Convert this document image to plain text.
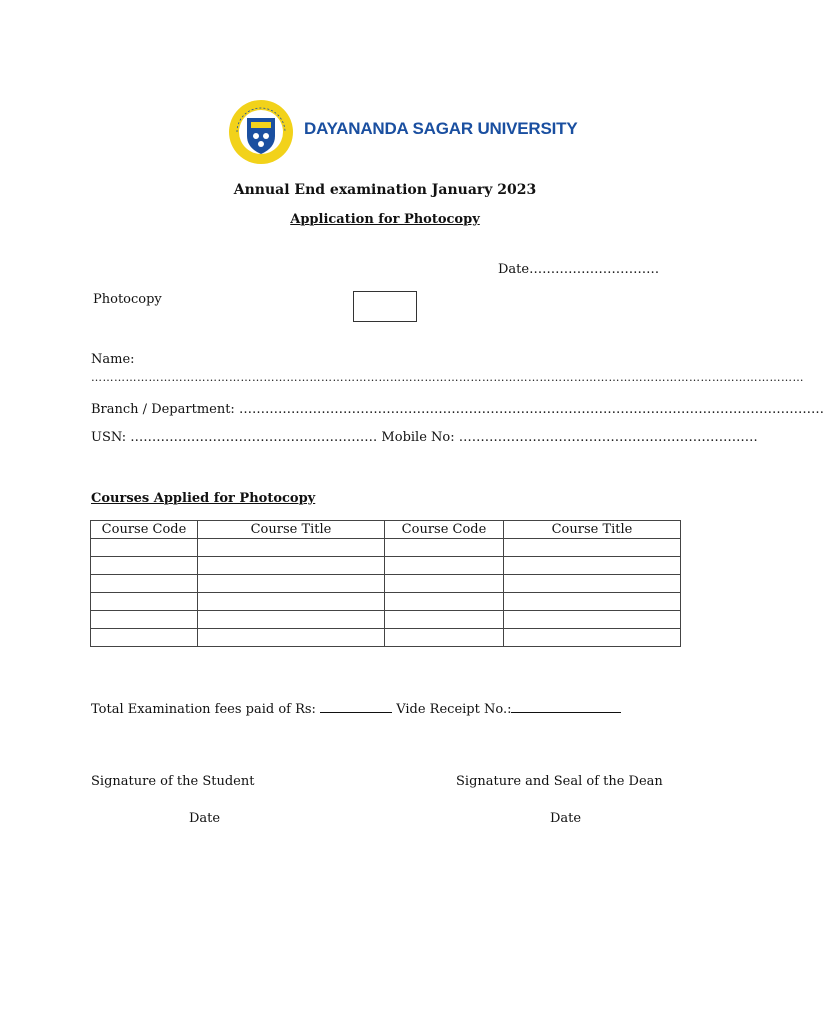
DAYANANDA SAGAR UNIVERSITY
Annual End examination January 2023
Application for Photocopy
Date…………………………
Photocopy
Name:
……………………………………………………………………………………………………………………………………………………………………
Branch / Department: ………………………………………………………………………………………………………………………
USN: ………………………………………………… Mobile No: ……………………………………………………………
Courses Applied for Photocopy
Course Code	Course Title	Course Code	Course Title

Total Examination fees paid of Rs:	Vide Receipt No.:
Signature of the Student	Signature and Seal of the Dean
Date	Date
